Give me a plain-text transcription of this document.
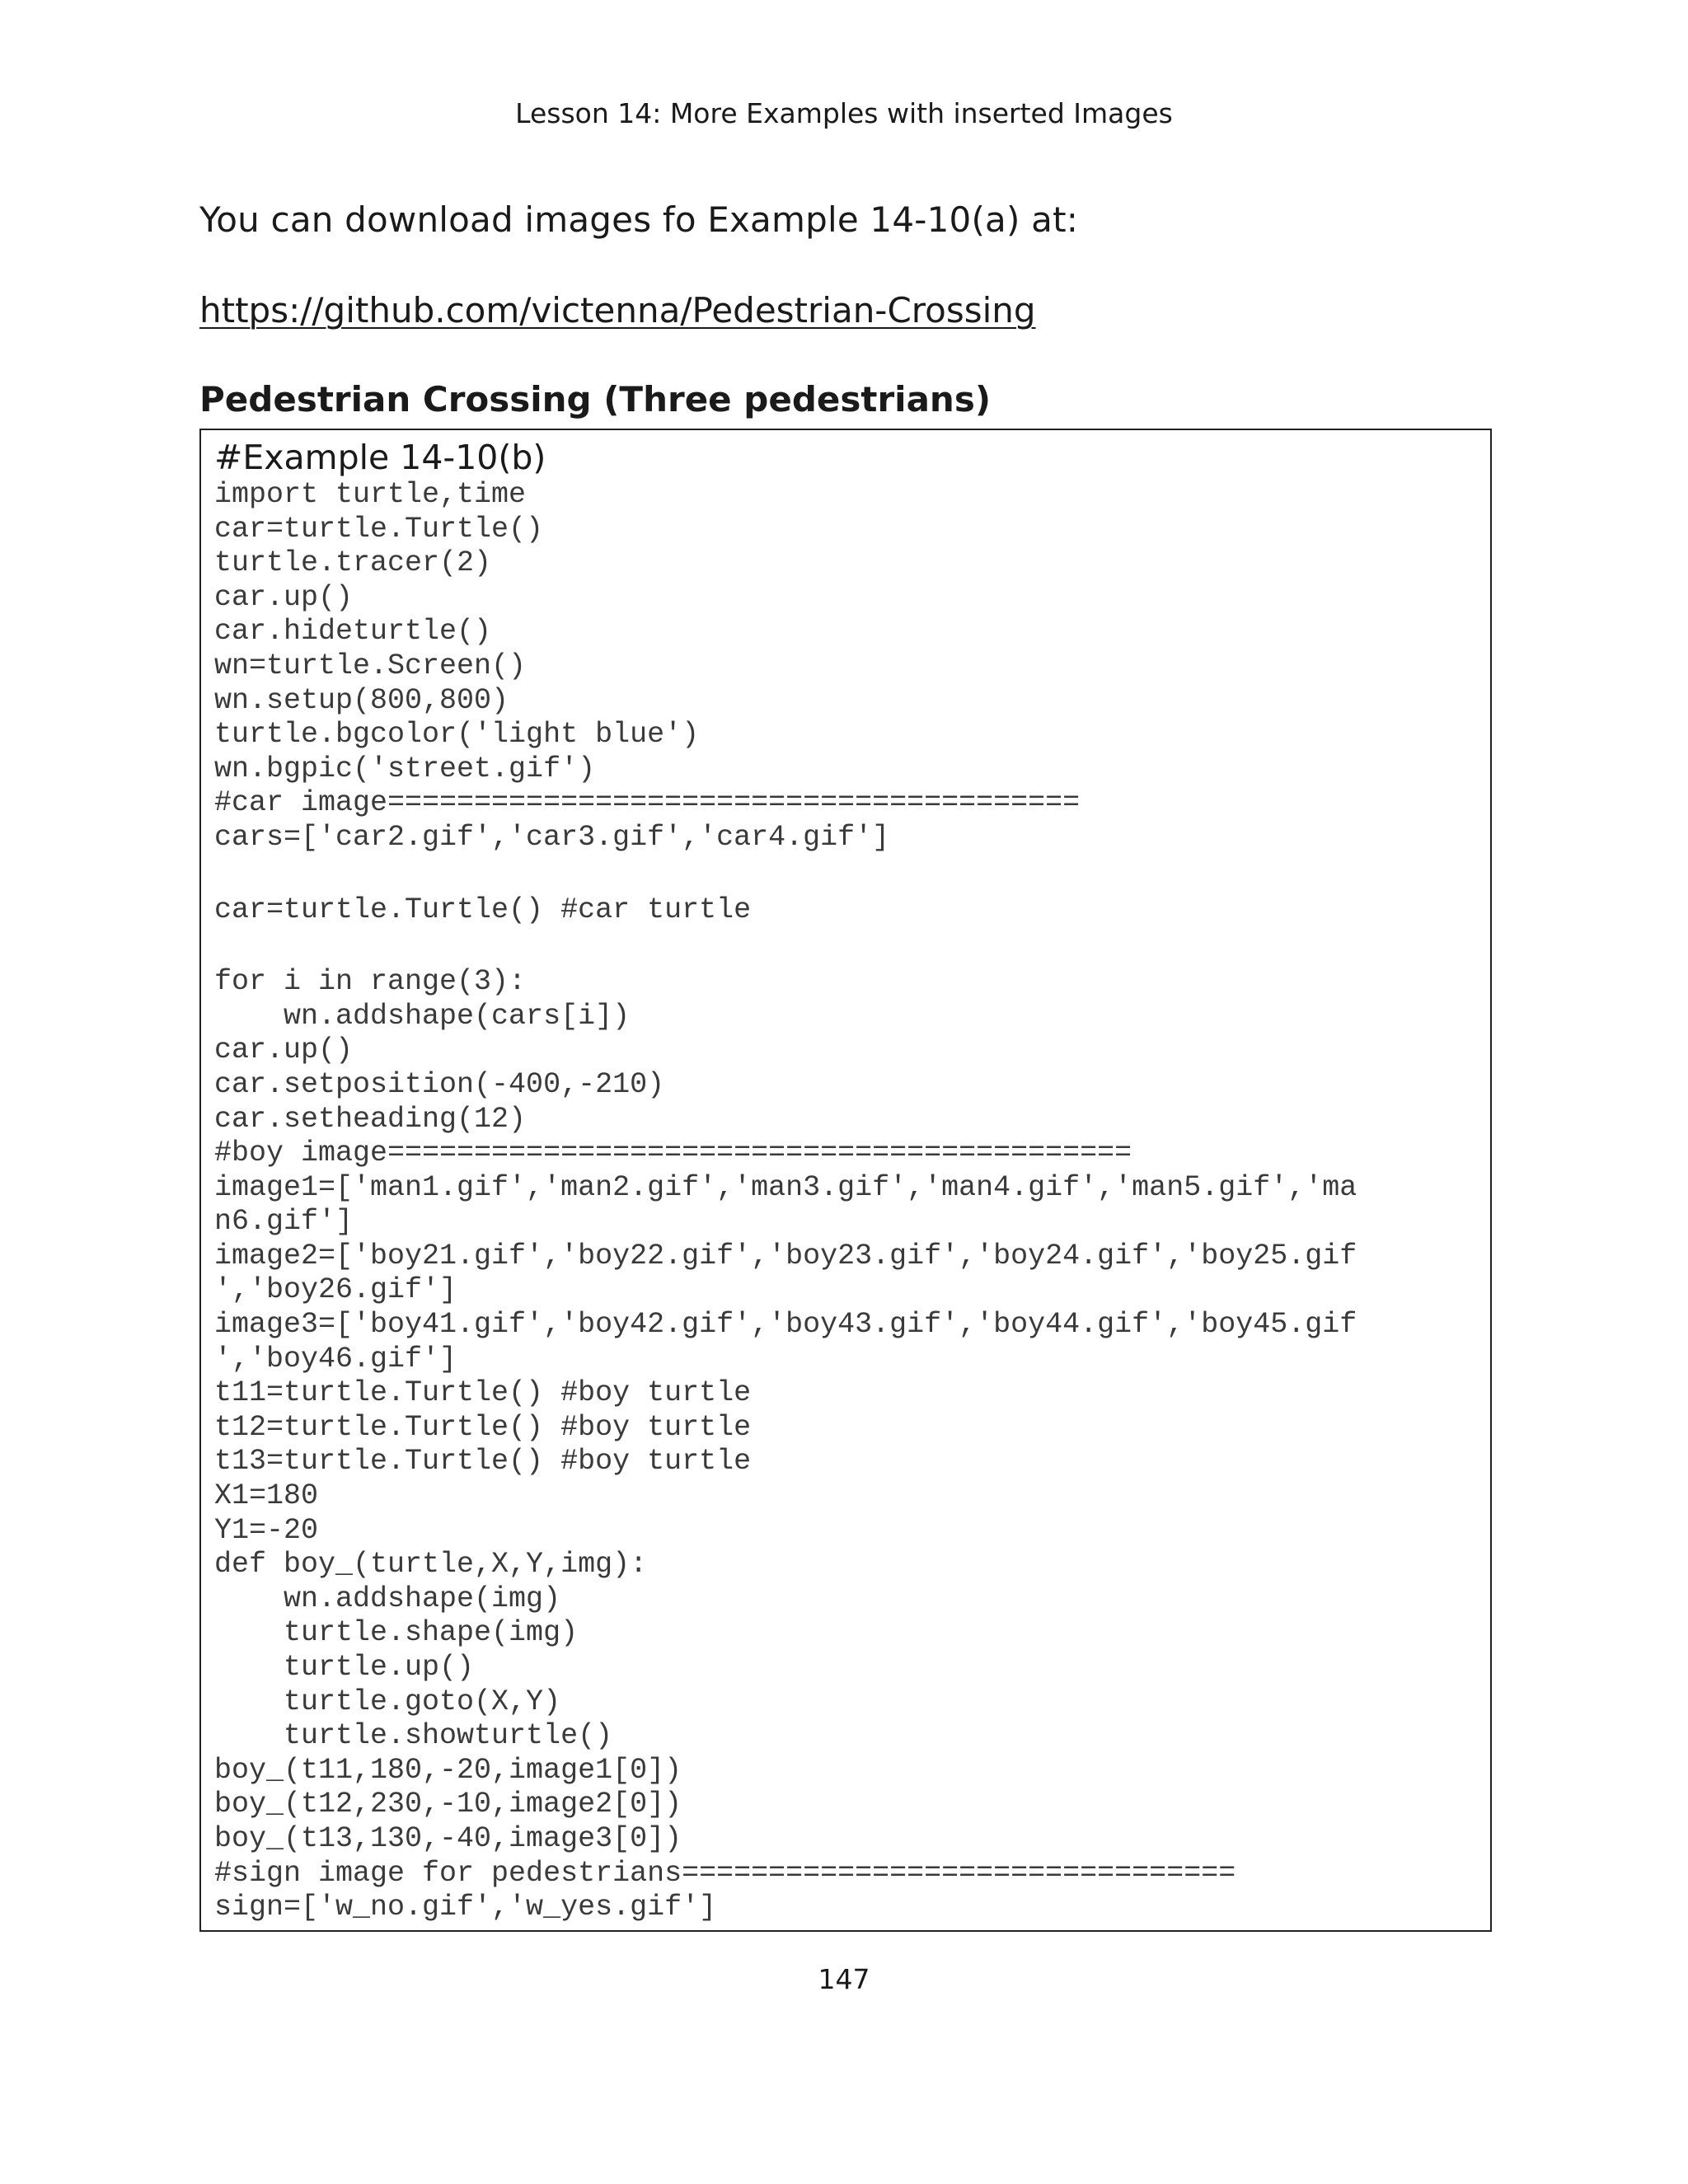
Lesson 14: More Examples with inserted Images
You can download images fo Example 14-10(a) at:
https://github.com/victenna/Pedestrian-Crossing
Pedestrian Crossing (Three pedestrians)
#Example 14-10(b)
import turtle,time
car=turtle.Turtle()
turtle.tracer(2)
car.up()
car.hideturtle()
wn=turtle.Screen()
wn.setup(800,800)
turtle.bgcolor('light blue')
wn.bgpic('street.gif')
#car image========================================
cars=['car2.gif','car3.gif','car4.gif']
car=turtle.Turtle() #car turtle
for i in range(3):
wn.addshape(cars[i])
car.up()
car.setposition(-400,-210)
car.setheading(12)
#boy image===========================================
image1=['man1.gif','man2.gif','man3.gif','man4.gif','man5.gif','ma
n6.gif']
image2=['boy21.gif','boy22.gif','boy23.gif','boy24.gif','boy25.gif
','boy26.gif']
image3=['boy41.gif','boy42.gif','boy43.gif','boy44.gif','boy45.gif
','boy46.gif']
t11=turtle.Turtle() #boy turtle
t12=turtle.Turtle() #boy turtle
t13=turtle.Turtle() #boy turtle
X1=180
Y1=-20
def boy_(turtle,X,Y,img):
wn.addshape(img)
turtle.shape(img)
turtle.up()
turtle.goto(X,Y)
turtle.showturtle()
boy_(t11,180,-20,image1[0])
boy_(t12,230,-10,image2[0])
boy_(t13,130,-40,image3[0])
#sign image for pedestrians================================
sign=['w_no.gif','w_yes.gif']
147
